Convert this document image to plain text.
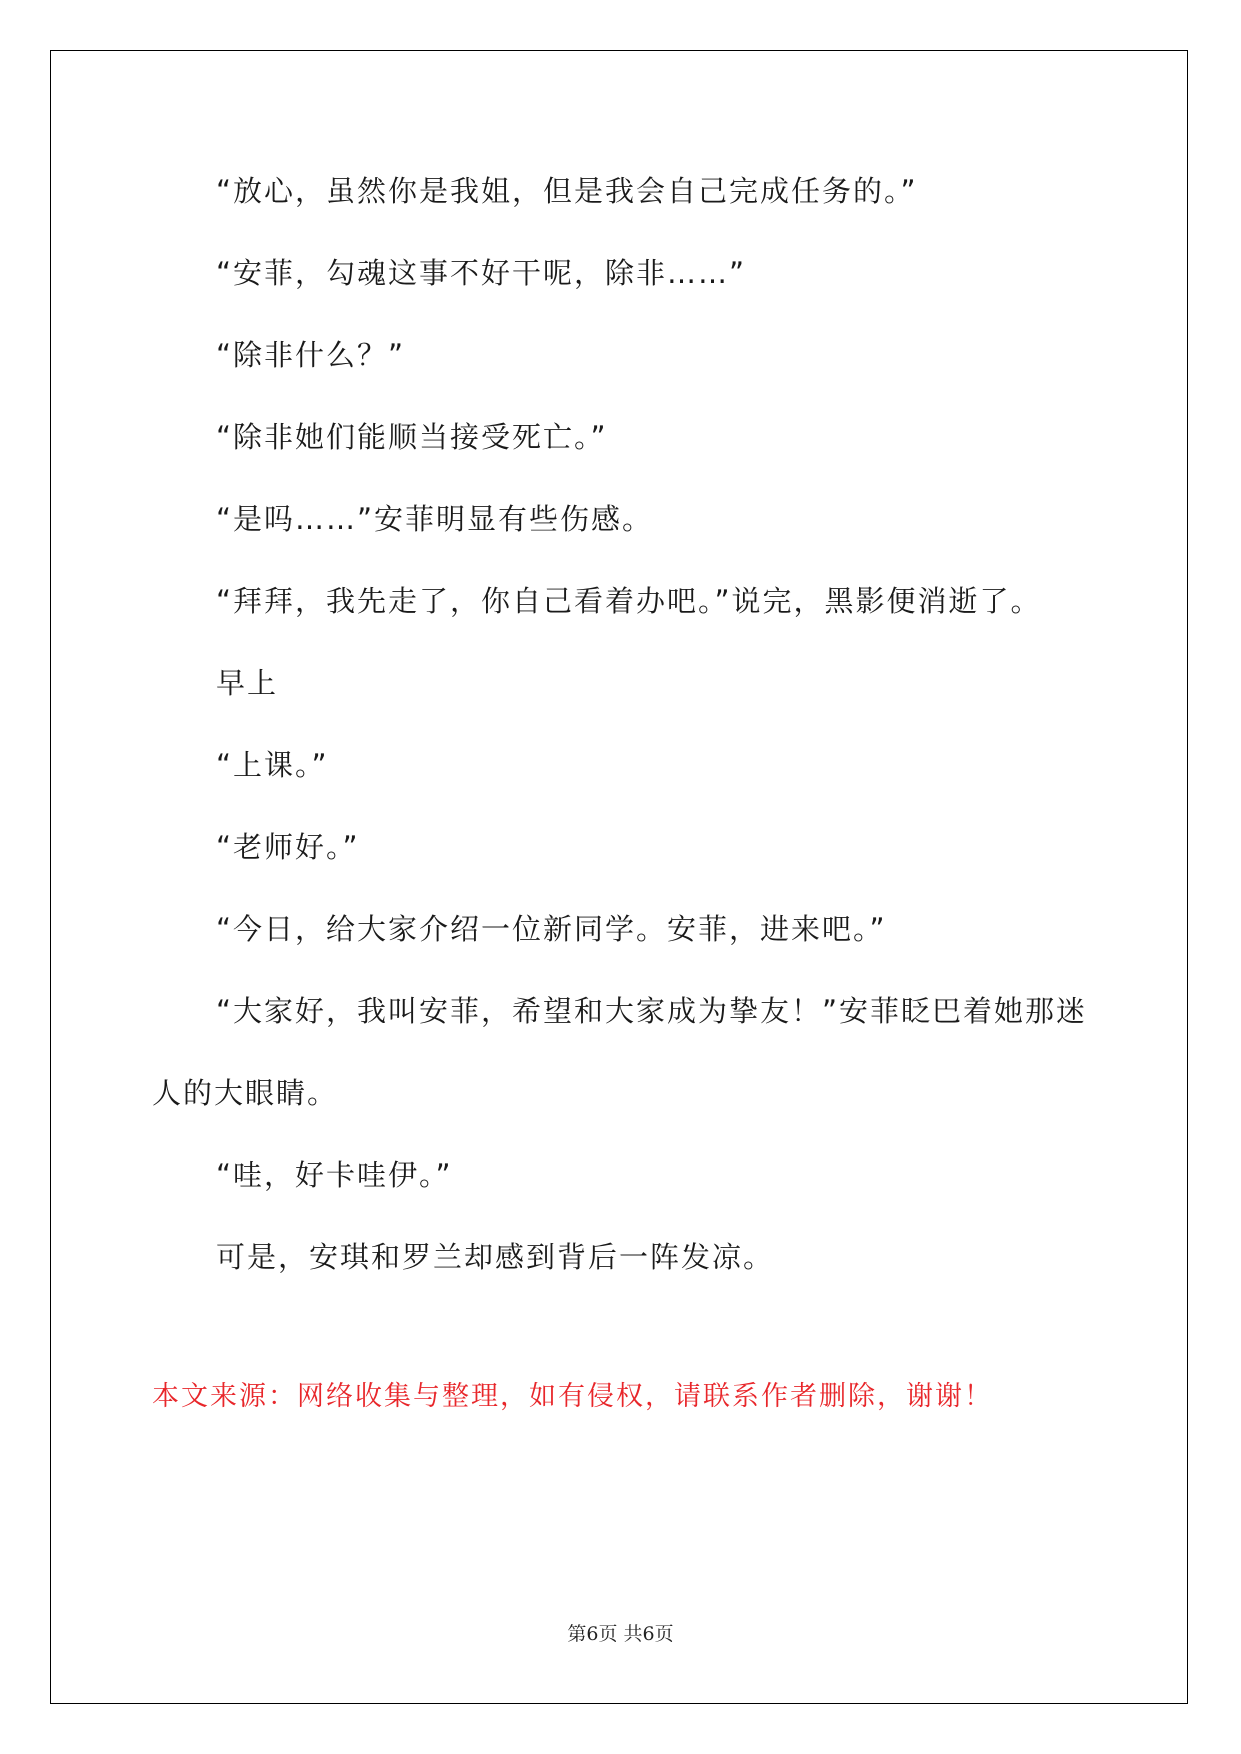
“放心，虽然你是我姐，但是我会自己完成任务的。”

“安菲，勾魂这事不好干呢，除非……”

“除非什么？”

“除非她们能顺当接受死亡。”

“是吗……”安菲明显有些伤感。

“拜拜，我先走了，你自己看着办吧。”说完，黑影便消逝了。

早上

“上课。”

“老师好。”

“今日，给大家介绍一位新同学。安菲，进来吧。”

“大家好，我叫安菲，希望和大家成为挚友！”安菲眨巴着她那迷人的大眼睛。

“哇，好卡哇伊。”

可是，安琪和罗兰却感到背后一阵发凉。

本文来源：网络收集与整理，如有侵权，请联系作者删除，谢谢！

第6页 共6页
